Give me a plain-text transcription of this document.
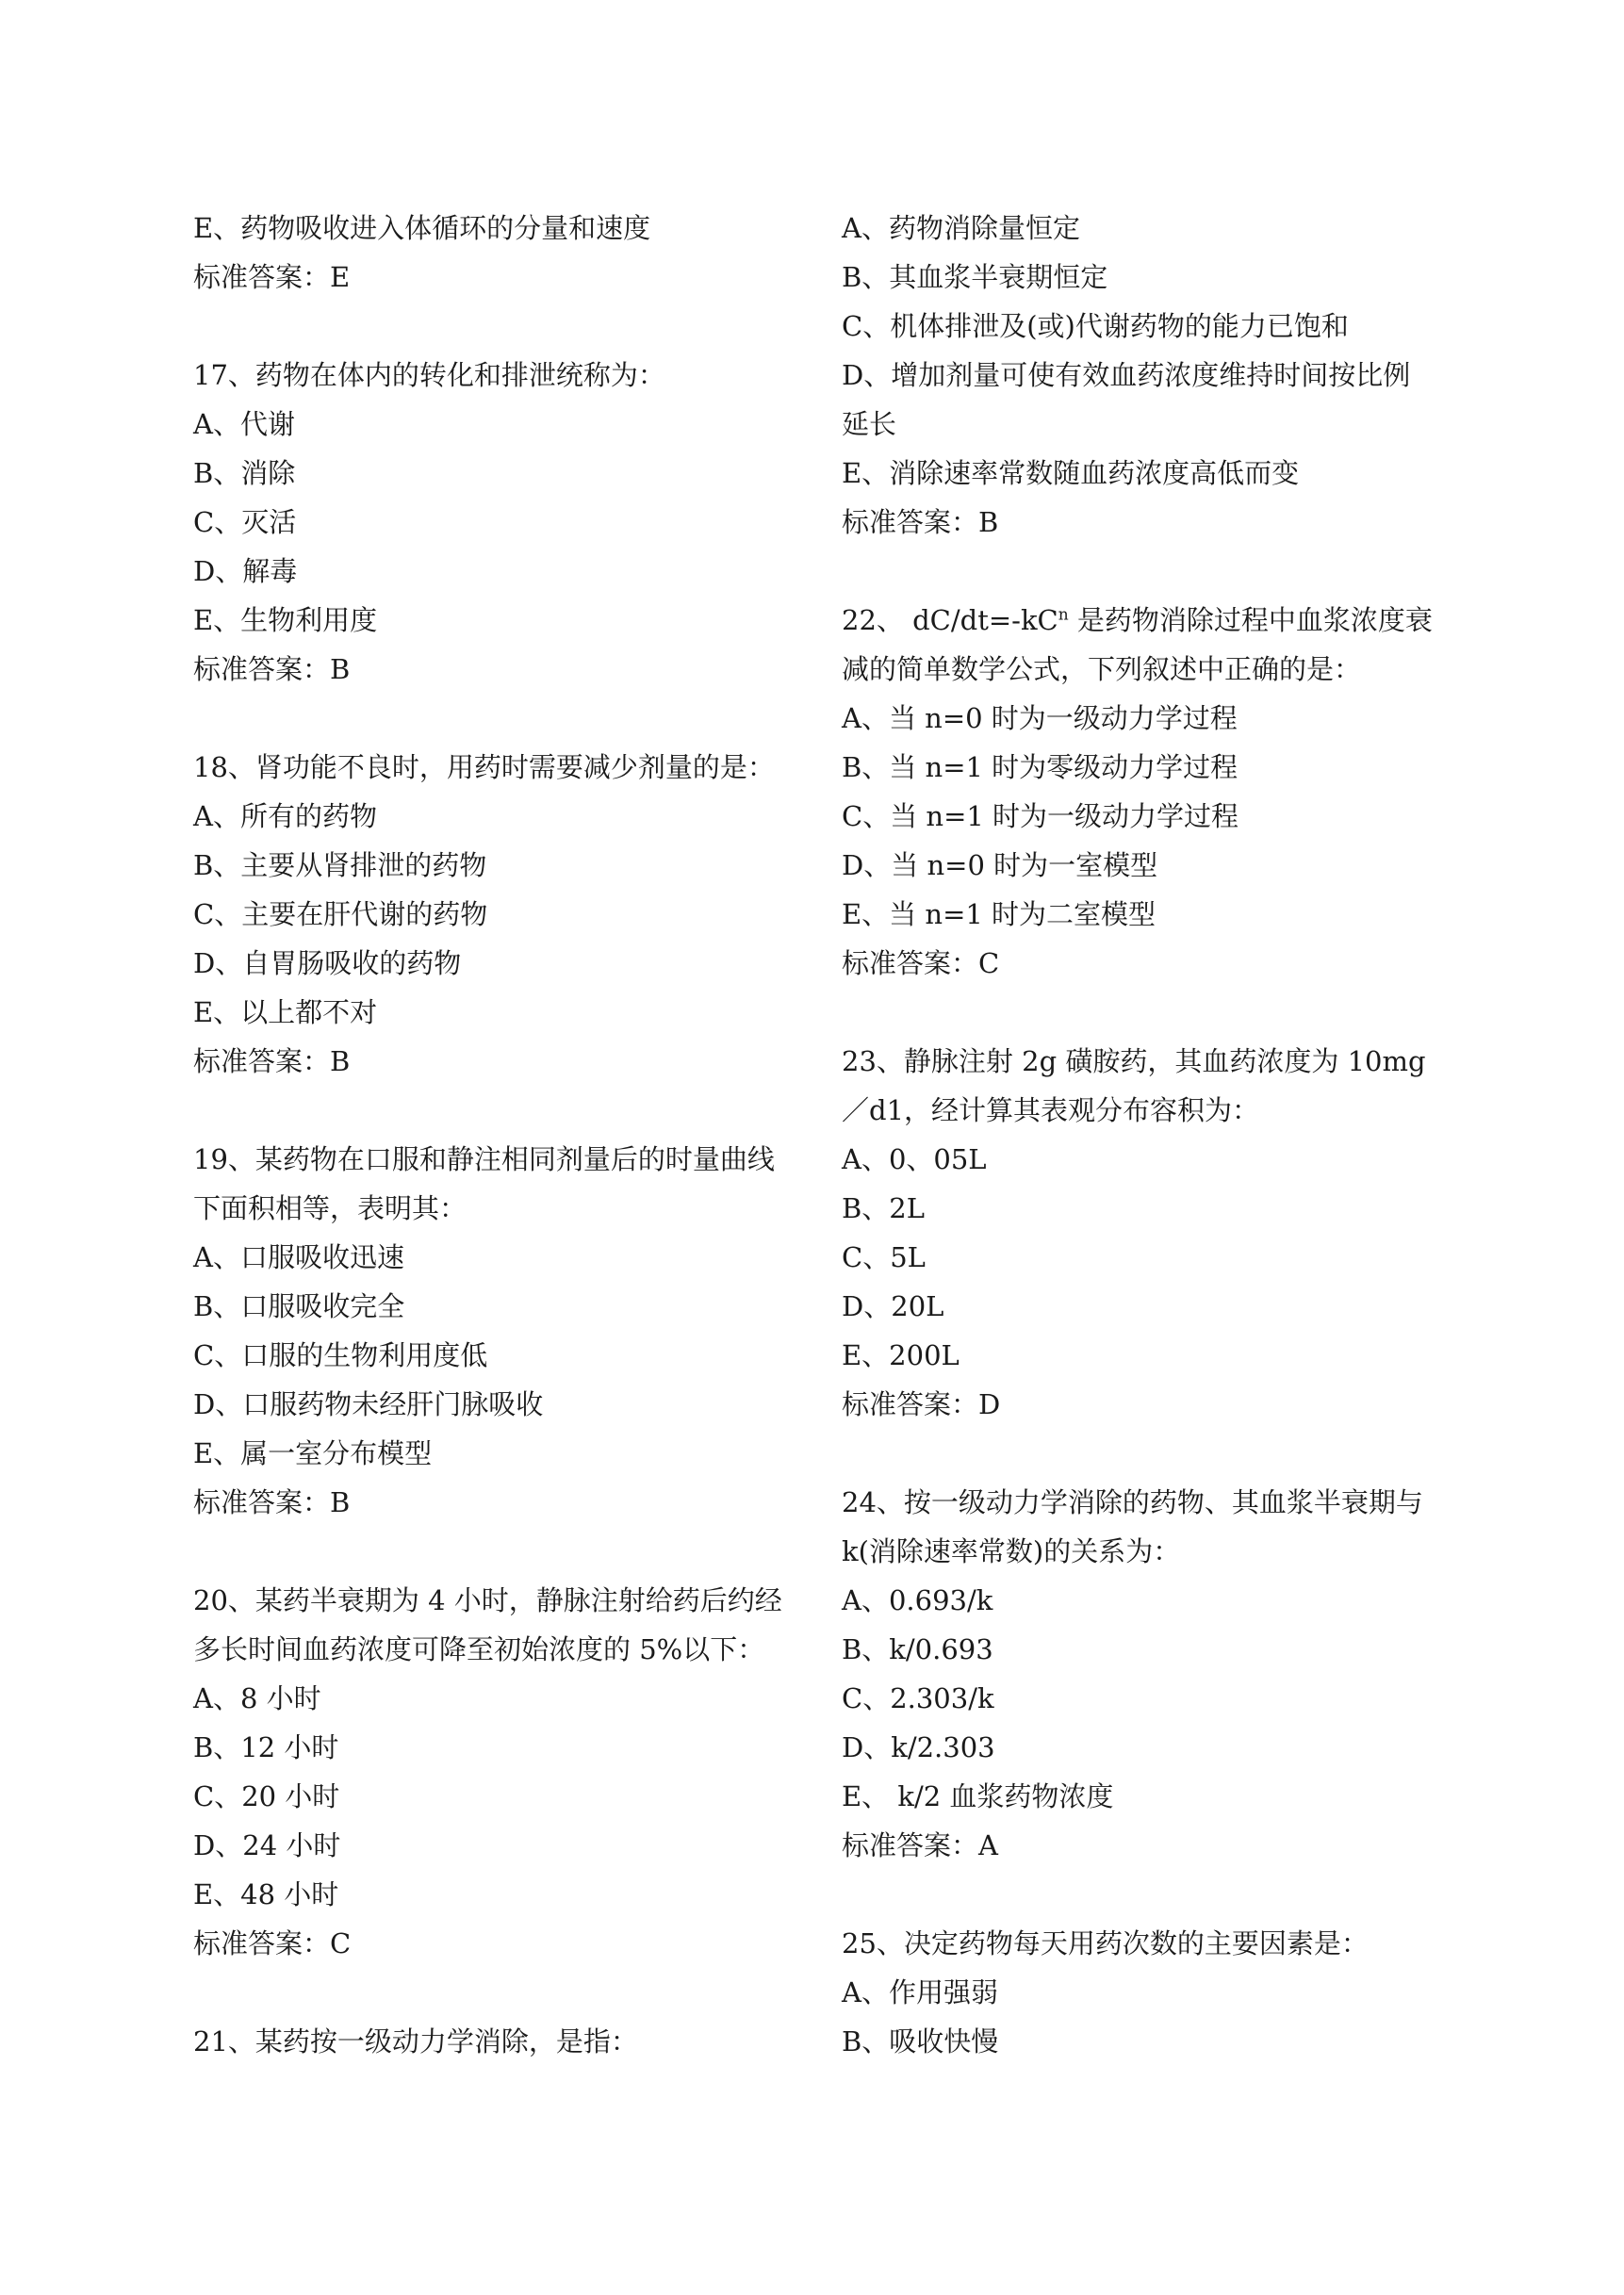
E、药物吸收进入体循环的分量和速度
标准答案：E
17、药物在体内的转化和排泄统称为：
A、代谢
B、消除
C、灭活
D、解毒
E、生物利用度
标准答案：B
18、肾功能不良时，用药时需要减少剂量的是：
A、所有的药物
B、主要从肾排泄的药物
C、主要在肝代谢的药物
D、自胃肠吸收的药物
E、以上都不对
标准答案：B
19、某药物在口服和静注相同剂量后的时量曲线
下面积相等，表明其：
A、口服吸收迅速
B、口服吸收完全
C、口服的生物利用度低
D、口服药物未经肝门脉吸收
E、属一室分布模型
标准答案：B
20、某药半衰期为 4 小时，静脉注射给药后约经
多长时间血药浓度可降至初始浓度的 5%以下：
A、8 小时
B、12 小时
C、20 小时
D、24 小时
E、48 小时
标准答案：C
21、某药按一级动力学消除，是指：
A、药物消除量恒定
B、其血浆半衰期恒定
C、机体排泄及(或)代谢药物的能力已饱和
D、增加剂量可使有效血药浓度维持时间按比例
延长
E、消除速率常数随血药浓度高低而变
标准答案：B
22、 $dC/dt=-kC^n$ 是药物消除过程中血浆浓度衰
减的简单数学公式，下列叙述中正确的是：
A、当 n=0 时为一级动力学过程
B、当 n=1 时为零级动力学过程
C、当 n=1 时为一级动力学过程
D、当 n=0 时为一室模型
E、当 n=1 时为二室模型
标准答案：C
23、静脉注射 2g 磺胺药，其血药浓度为 10mg
／d1，经计算其表观分布容积为：
A、0、05L
B、2L
C、5L
D、20L
E、200L
标准答案：D
24、按一级动力学消除的药物、其血浆半衰期与
k(消除速率常数)的关系为：
A、0.693/k
B、k/0.693
C、2.303/k
D、k/2.303
E、 k/2 血浆药物浓度
标准答案：A
25、决定药物每天用药次数的主要因素是：
A、作用强弱
B、吸收快慢
